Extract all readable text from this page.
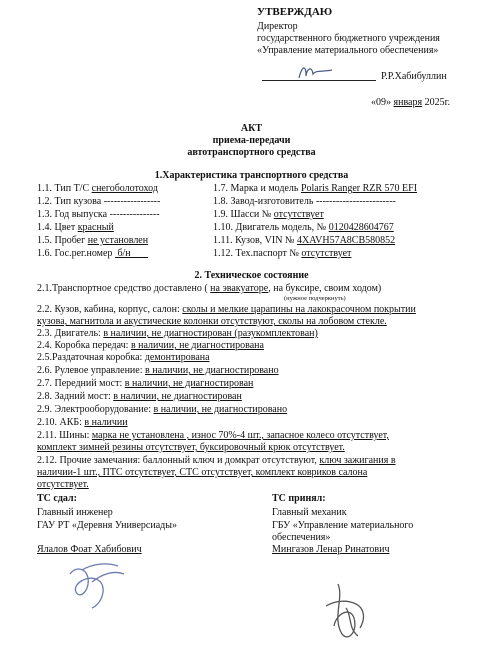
УТВЕРЖДАЮ
Директор
государственного бюджетного учреждения
«Управление материального обеспечения»
Р.Р.Хабибуллин
«09» января 2025г.
АКТ
приема-передачи
автотранспортного средства
1.Характеристика транспортного средства
1.1. Тип Т/С снегоболотоход
1.2. Тип кузова -----------------
1.3. Год выпуска ---------------
1.4. Цвет красный
1.5. Пробег не установлен
1.6. Гос.рег.номер  б/н
1.7. Марка и модель Polaris Ranger RZR 570 EFI
1.8. Завод-изготовитель ------------------------
1.9. Шасси № отсутствует
1.10. Двигатель модель, № 0120428604767
1.11. Кузов, VIN № 4XAVH57A8CB580852
1.12. Тех.паспорт № отсутствует
2. Техническое состояние
2.1.Транспортное средство доставлено ( на эвакуаторе, на буксире, своим ходом)
(нужное подчеркнуть)
2.2. Кузов, кабина, корпус, салон: сколы и мелкие царапины на лакокрасочном покрытии
кузова, магнитола и акустические колонки отсутствуют, сколы на лобовом стекле.
2.3. Двигатель: в наличии, не диагностирован (разукомплектован)
2.4. Коробка передач: в наличии, не диагностирована
2.5.Раздаточная коробка: демонтирована
2.6. Рулевое управление: в наличии, не диагностировано
2.7. Передний мост: в наличии, не диагностирован
2.8. Задний мост: в наличии, не диагностирован
2.9. Электрооборудование: в наличии, не диагностировано
2.10. АКБ: в наличии
2.11. Шины: марка не установлена , износ 70%-4 шт., запасное колесо отсутствует,
комплект зимней резины отсутствует, буксировочный крюк отсутствует.
2.12. Прочие замечания: баллонный ключ и домкрат отсутствуют, ключ зажигания в
наличии-1 шт., ПТС отсутствует, СТС отсутствует, комплект ковриков салона
отсутствует.
ТС сдал:
Главный инженер
ГАУ РТ «Деревня Универсиады»
Ялалов Фоат Хабибович
ТС принял:
Главный механик
ГБУ «Управление материального
обеспечения»
Мингазов Ленар Ринатович
